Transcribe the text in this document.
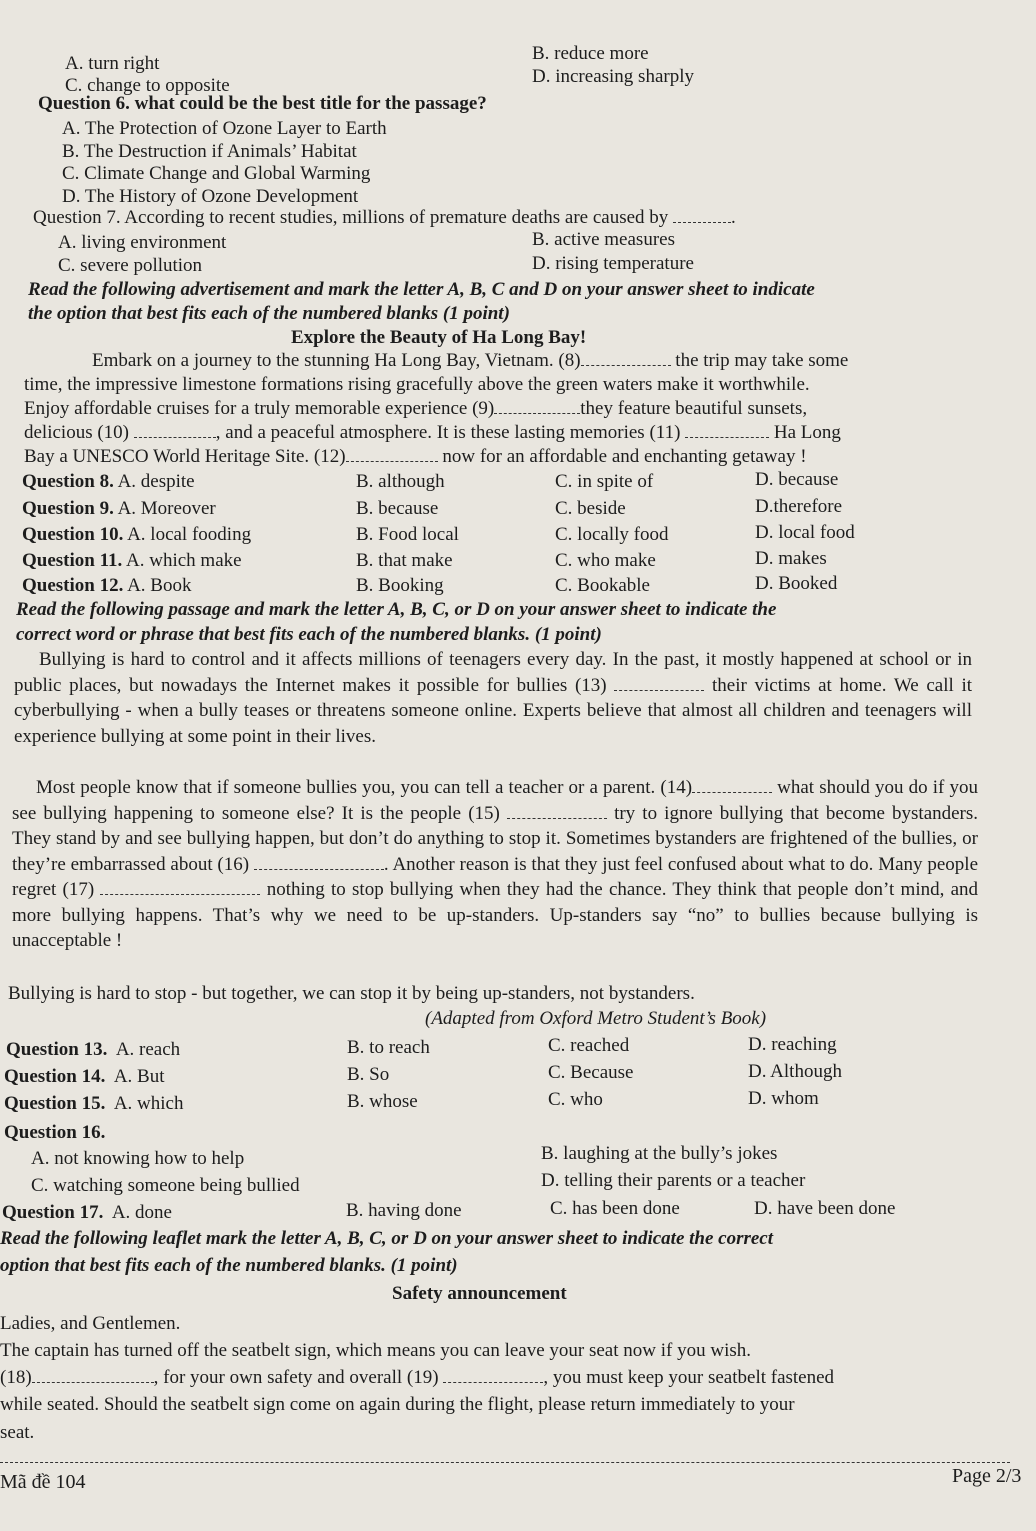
A. turn right	B. reduce more
C. change to opposite	D. increasing sharply
Question 6. what could be the best title for the passage?
A. The Protection of Ozone Layer to Earth
B. The Destruction if Animals’ Habitat
C. Climate Change and Global Warming
D. The History of Ozone Development
Question 7. According to recent studies, millions of premature deaths are caused by	.
A. living environment	B. active measures
C. severe pollution	D. rising temperature
Read the following advertisement and mark the letter A, B, C and D on your answer sheet to indicate
the option that best fits each of the numbered blanks (1 point)
Explore the Beauty of Ha Long Bay!
Embark on a journey to the stunning Ha Long Bay, Vietnam. (8)	the trip may take some
time, the impressive limestone formations rising gracefully above the green waters make it worthwhile.
Enjoy affordable cruises for a truly memorable experience (9)	they feature beautiful sunsets,
delicious (10)	, and a peaceful atmosphere. It is these lasting memories (11)	Ha Long
Bay a UNESCO World Heritage Site. (12)	now for an affordable and enchanting getaway !
Question 8. A. despite	B. although	C. in spite of	D. because
Question 9. A. Moreover	B. because	C. beside	D.therefore
Question 10. A. local fooding	B. Food local	C. locally food	D. local food
Question 11. A. which make	B. that make	C. who make	D. makes
Question 12. A. Book	B. Booking	C. Bookable	D. Booked
Read the following passage and mark the letter A, B, C, or D on your answer sheet to indicate the
correct word or phrase that best fits each of the numbered blanks. (1 point)
Bullying is hard to control and it affects millions of teenagers every day. In the past, it mostly happened at school or in public places, but nowadays the Internet makes it possible for bullies (13)	their victims at home. We call it cyberbullying - when a bully teases or threatens someone online. Experts believe that almost all children and teenagers will experience bullying at some point in their lives.
Most people know that if someone bullies you, you can tell a teacher or a parent. (14)	what should you do if you see bullying happening to someone else? It is the people (15)	try to ignore bullying that become bystanders. They stand by and see bullying happen, but don’t do anything to stop it. Sometimes bystanders are frightened of the bullies, or they’re embarrassed about (16)	. Another reason is that they just feel confused about what to do. Many people regret (17)	nothing to stop bullying when they had the chance. They think that people don’t mind, and more bullying happens. That’s why we need to be up-standers. Up-standers say “no” to bullies because bullying is unacceptable !
Bullying is hard to stop - but together, we can stop it by being up-standers, not bystanders.
(Adapted from Oxford Metro Student’s Book)
Question 13. A. reach	B. to reach	C. reached	D. reaching
Question 14. A. But	B. So	C. Because	D. Although
Question 15. A. which	B. whose	C. who	D. whom
Question 16.
A. not knowing how to help	B. laughing at the bully’s jokes
C. watching someone being bullied	D. telling their parents or a teacher
Question 17. A. done	B. having done	C. has been done	D. have been done
Read the following leaflet mark the letter A, B, C, or D on your answer sheet to indicate the correct
option that best fits each of the numbered blanks. (1 point)
Safety announcement
Ladies, and Gentlemen.
The captain has turned off the seatbelt sign, which means you can leave your seat now if you wish.
(18)	, for your own safety and overall (19)	, you must keep your seatbelt fastened
while seated. Should the seatbelt sign come on again during the flight, please return immediately to your
seat.
Mã đề 104	Page 2/3
